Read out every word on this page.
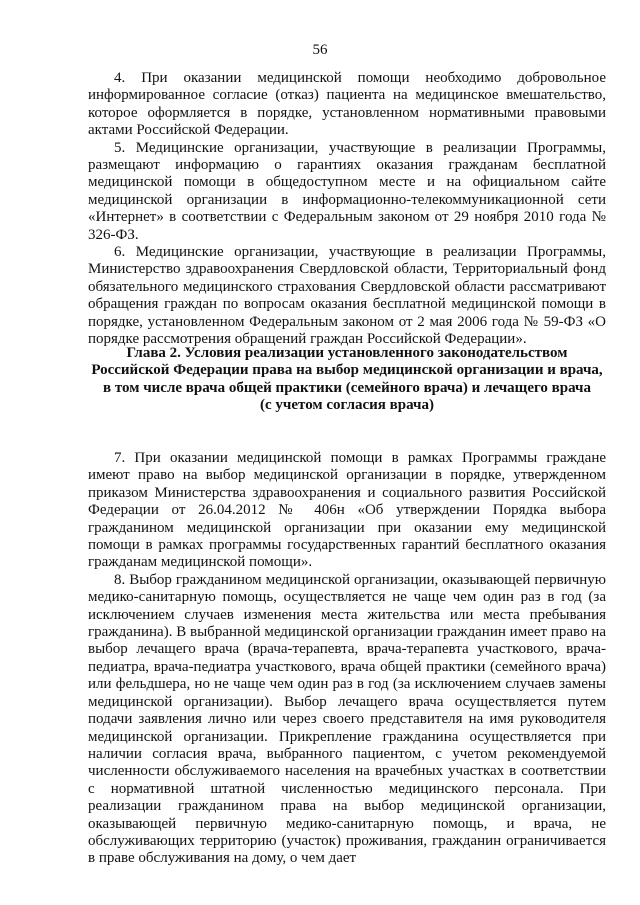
56

4. При оказании медицинской помощи необходимо добровольное информированное согласие (отказ) пациента на медицинское вмешательство, которое оформляется в порядке, установленном нормативными правовыми актами Российской Федерации.

5. Медицинские организации, участвующие в реализации Программы, размещают информацию о гарантиях оказания гражданам бесплатной медицинской помощи в общедоступном месте и на официальном сайте медицинской организации в информационно-телекоммуникационной сети «Интернет» в соответствии с Федеральным законом от 29 ноября 2010 года № 326-ФЗ.

6. Медицинские организации, участвующие в реализации Программы, Министерство здравоохранения Свердловской области, Территориальный фонд обязательного медицинского страхования Свердловской области рассматривают обращения граждан по вопросам оказания бесплатной медицинской помощи в порядке, установленном Федеральным законом от 2 мая 2006 года № 59-ФЗ «О порядке рассмотрения обращений граждан Российской Федерации».

Глава 2. Условия реализации установленного законодательством
Российской Федерации права на выбор медицинской организации и врача,
в том числе врача общей практики (семейного врача) и лечащего врача
(с учетом согласия врача)

7. При оказании медицинской помощи в рамках Программы граждане имеют право на выбор медицинской организации в порядке, утвержденном приказом Министерства здравоохранения и социального развития Российской Федерации от 26.04.2012 № 406н «Об утверждении Порядка выбора гражданином медицинской организации при оказании ему медицинской помощи в рамках программы государственных гарантий бесплатного оказания гражданам медицинской помощи».

8. Выбор гражданином медицинской организации, оказывающей первичную медико-санитарную помощь, осуществляется не чаще чем один раз в год (за исключением случаев изменения места жительства или места пребывания гражданина). В выбранной медицинской организации гражданин имеет право на выбор лечащего врача (врача-терапевта, врача-терапевта участкового, врача-педиатра, врача-педиатра участкового, врача общей практики (семейного врача) или фельдшера, но не чаще чем один раз в год (за исключением случаев замены медицинской организации). Выбор лечащего врача осуществляется путем подачи заявления лично или через своего представителя на имя руководителя медицинской организации. Прикрепление гражданина осуществляется при наличии согласия врача, выбранного пациентом, с учетом рекомендуемой численности обслуживаемого населения на врачебных участках в соответствии с нормативной штатной численностью медицинского персонала. При реализации гражданином права на выбор медицинской организации, оказывающей первичную медико-санитарную помощь, и врача, не обслуживающих территорию (участок) проживания, гражданин ограничивается в праве обслуживания на дому, о чем дает
